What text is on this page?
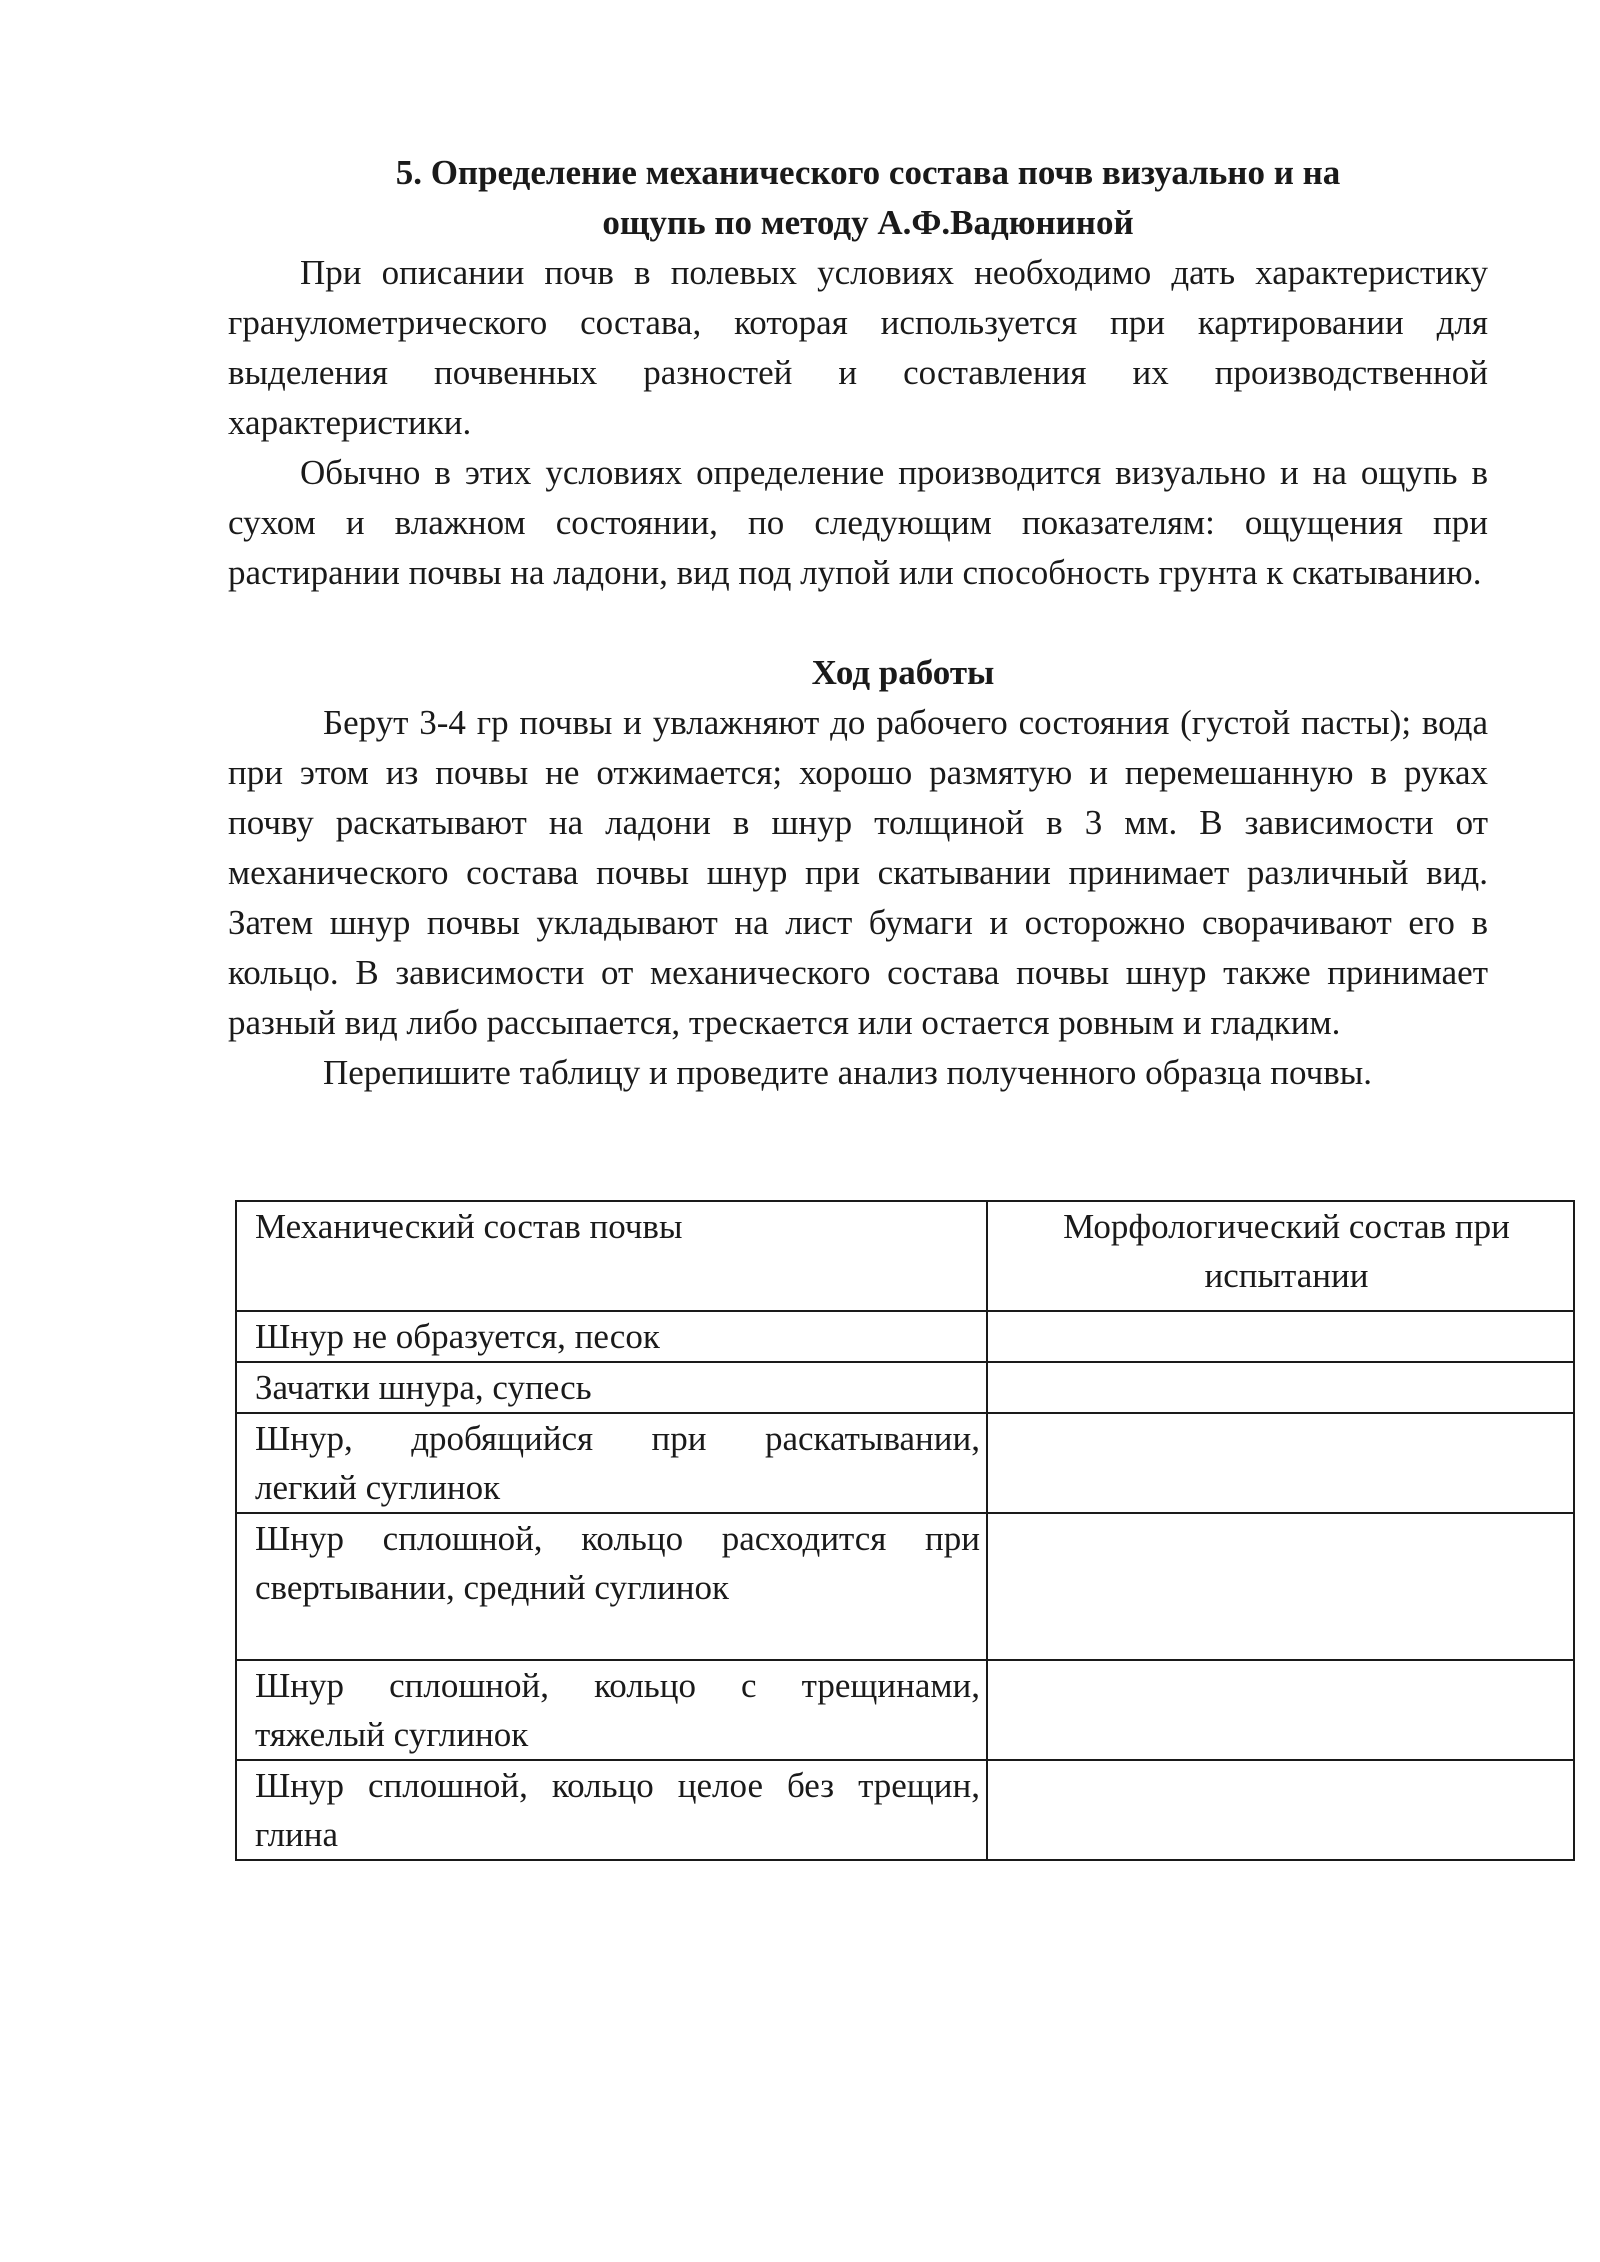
5. Определение механического состава почв визуально и на
ощупь по методу А.Ф.Вадюниной

При описании почв в полевых условиях необходимо дать характеристику гранулометрического состава, которая используется при картировании для выделения почвенных разностей и составления их производственной характеристики.

Обычно в этих условиях определение производится визуально и на ощупь в сухом и влажном состоянии, по следующим показателям: ощущения при растирании почвы на ладони, вид под лупой или способность грунта к скатыванию.

Ход работы

Берут 3-4 гр почвы и увлажняют до рабочего состояния (густой пасты); вода при этом из почвы не отжимается; хорошо размятую и перемешанную в руках почву раскатывают на ладони в шнур толщиной в 3 мм. В зависимости от механического состава почвы шнур при скатывании принимает различный вид. Затем шнур почвы укладывают на лист бумаги и осторожно сворачивают его в кольцо. В зависимости от механического состава почвы шнур также принимает разный вид либо рассыпается, трескается или остается ровным и гладким.

Перепишите таблицу и проведите анализ полученного образца почвы.

Механический состав почвы	Морфологический состав при
испытании

Шнур не образуется, песок	

Зачатки шнура, супесь	

Шнур, дробящийся при раскатывании,
легкий суглинок	

Шнур сплошной, кольцо расходится при
свертывании, средний суглинок	

Шнур сплошной, кольцо с трещинами,
тяжелый суглинок	

Шнур сплошной, кольцо целое без трещин,
глина	
